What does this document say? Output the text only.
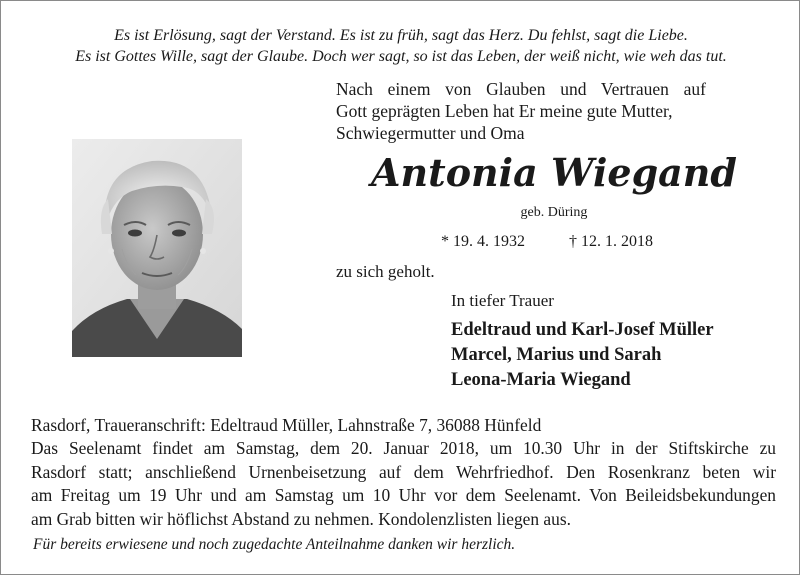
Es ist Erlösung, sagt der Verstand. Es ist zu früh, sagt das Herz. Du fehlst, sagt die Liebe.
Es ist Gottes Wille, sagt der Glaube. Doch wer sagt, so ist das Leben, der weiß nicht, wie weh das tut.
Nach einem von Glauben und Vertrauen auf
Gott geprägten Leben hat Er meine gute Mutter,
Schwiegermutter und Oma
Antonia Wiegand
geb. Düring
* 19. 4. 1932	† 12. 1. 2018
zu sich geholt.
In tiefer Trauer
Edeltraud und Karl-Josef Müller
Marcel, Marius und Sarah
Leona-Maria Wiegand
Rasdorf, Traueranschrift: Edeltraud Müller, Lahnstraße 7, 36088 Hünfeld
Das Seelenamt findet am Samstag, dem 20. Januar 2018, um 10.30 Uhr in der Stiftskirche zu
Rasdorf statt; anschließend Urnenbeisetzung auf dem Wehrfriedhof. Den Rosenkranz beten wir
am Freitag um 19 Uhr und am Samstag um 10 Uhr vor dem Seelenamt. Von Beileidsbekundungen
am Grab bitten wir höflichst Abstand zu nehmen. Kondolenzlisten liegen aus.
Für bereits erwiesene und noch zugedachte Anteilnahme danken wir herzlich.
